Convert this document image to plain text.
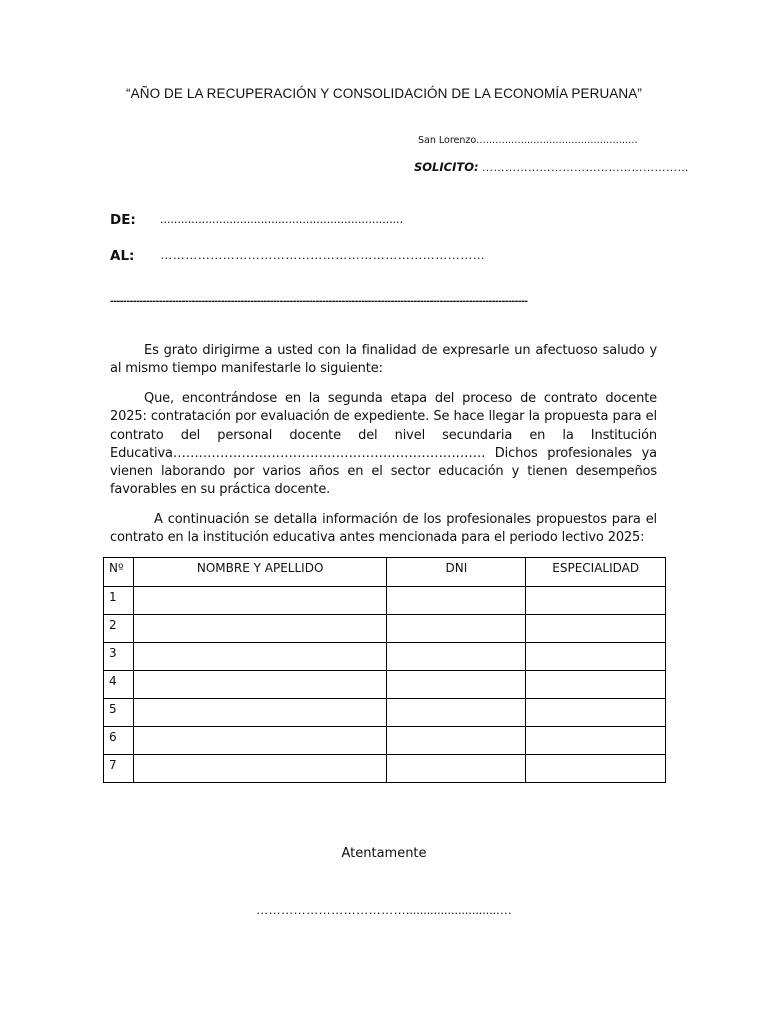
“AÑO DE LA RECUPERACIÓN Y CONSOLIDACIÓN DE LA ECONOMÍA PERUANA”
San Lorenzo……………………………………………
SOLICITO: ………………………………………………
DE: ......................................................................
AL: ……………………………………………………………………
--------------------------------------------------------------------------------------------------------------------------------
Es grato dirigirme a usted con la finalidad de expresarle un afectuoso saludo y al mismo tiempo manifestarle lo siguiente:
Que, encontrándose en la segunda etapa del proceso de contrato docente 2025: contratación por evaluación de expediente. Se hace llegar la propuesta para el contrato del personal docente del nivel secundaria en la Institución Educativa………………………………………………………………. Dichos profesionales ya vienen laborando por varios años en el sector educación y tienen desempeños favorables en su práctica docente.
A continuación se detalla información de los profesionales propuestos para el contrato en la institución educativa antes mencionada para el periodo lectivo 2025:
Nº	NOMBRE Y APELLIDO	DNI	ESPECIALIDAD
1			
2			
3			
4			
5			
6			
7			
Atentamente
………………………………...........................…
